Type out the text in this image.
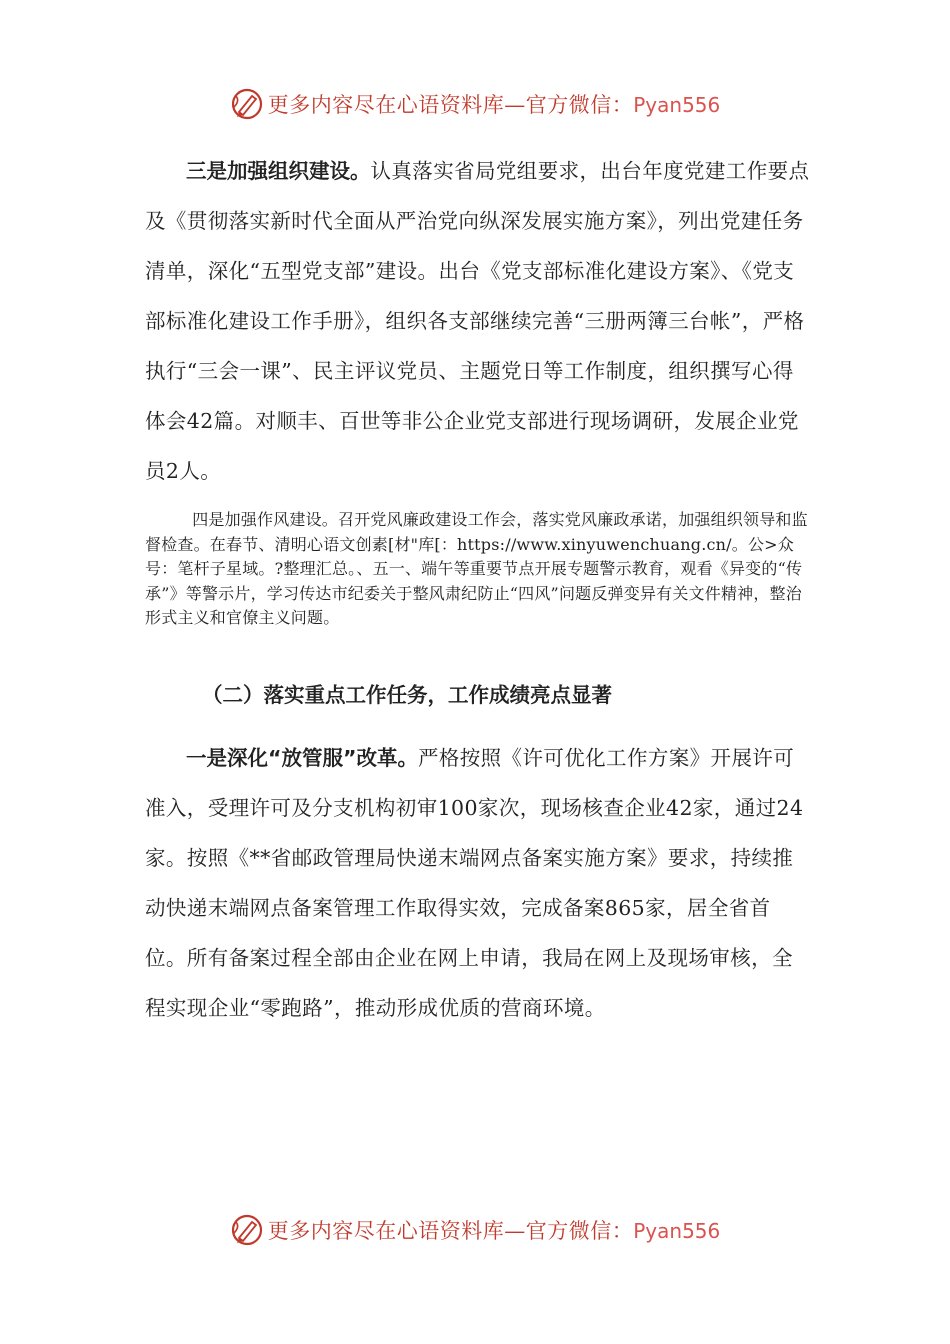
更多内容尽在心语资料库—官方微信：Pyan556

三是加强组织建设。认真落实省局党组要求，出台年度党建工作要点及《贯彻落实新时代全面从严治党向纵深发展实施方案》，列出党建任务清单，深化“五型党支部”建设。出台《党支部标准化建设方案》、《党支部标准化建设工作手册》，组织各支部继续完善“三册两簿三台帐”，严格执行“三会一课”、民主评议党员、主题党日等工作制度，组织撰写心得体会42篇。对顺丰、百世等非公企业党支部进行现场调研，发展企业党员2人。

四是加强作风建设。召开党风廉政建设工作会，落实党风廉政承诺，加强组织领导和监督检查。在春节、清明心语文创素[材"库[：https://www.xinyuwenchuang.cn/。公>众号：笔杆子星域。?整理汇总。、五一、端午等重要节点开展专题警示教育，观看《异变的“传承”》等警示片，学习传达市纪委关于整风肃纪防止“四风”问题反弹变异有关文件精神，整治形式主义和官僚主义问题。

（二）落实重点工作任务，工作成绩亮点显著

一是深化“放管服”改革。严格按照《许可优化工作方案》开展许可准入，受理许可及分支机构初审100家次，现场核查企业42家，通过24家。按照《**省邮政管理局快递末端网点备案实施方案》要求，持续推动快递末端网点备案管理工作取得实效，完成备案865家，居全省首位。所有备案过程全部由企业在网上申请，我局在网上及现场审核，全程实现企业“零跑路”，推动形成优质的营商环境。

更多内容尽在心语资料库—官方微信：Pyan556
